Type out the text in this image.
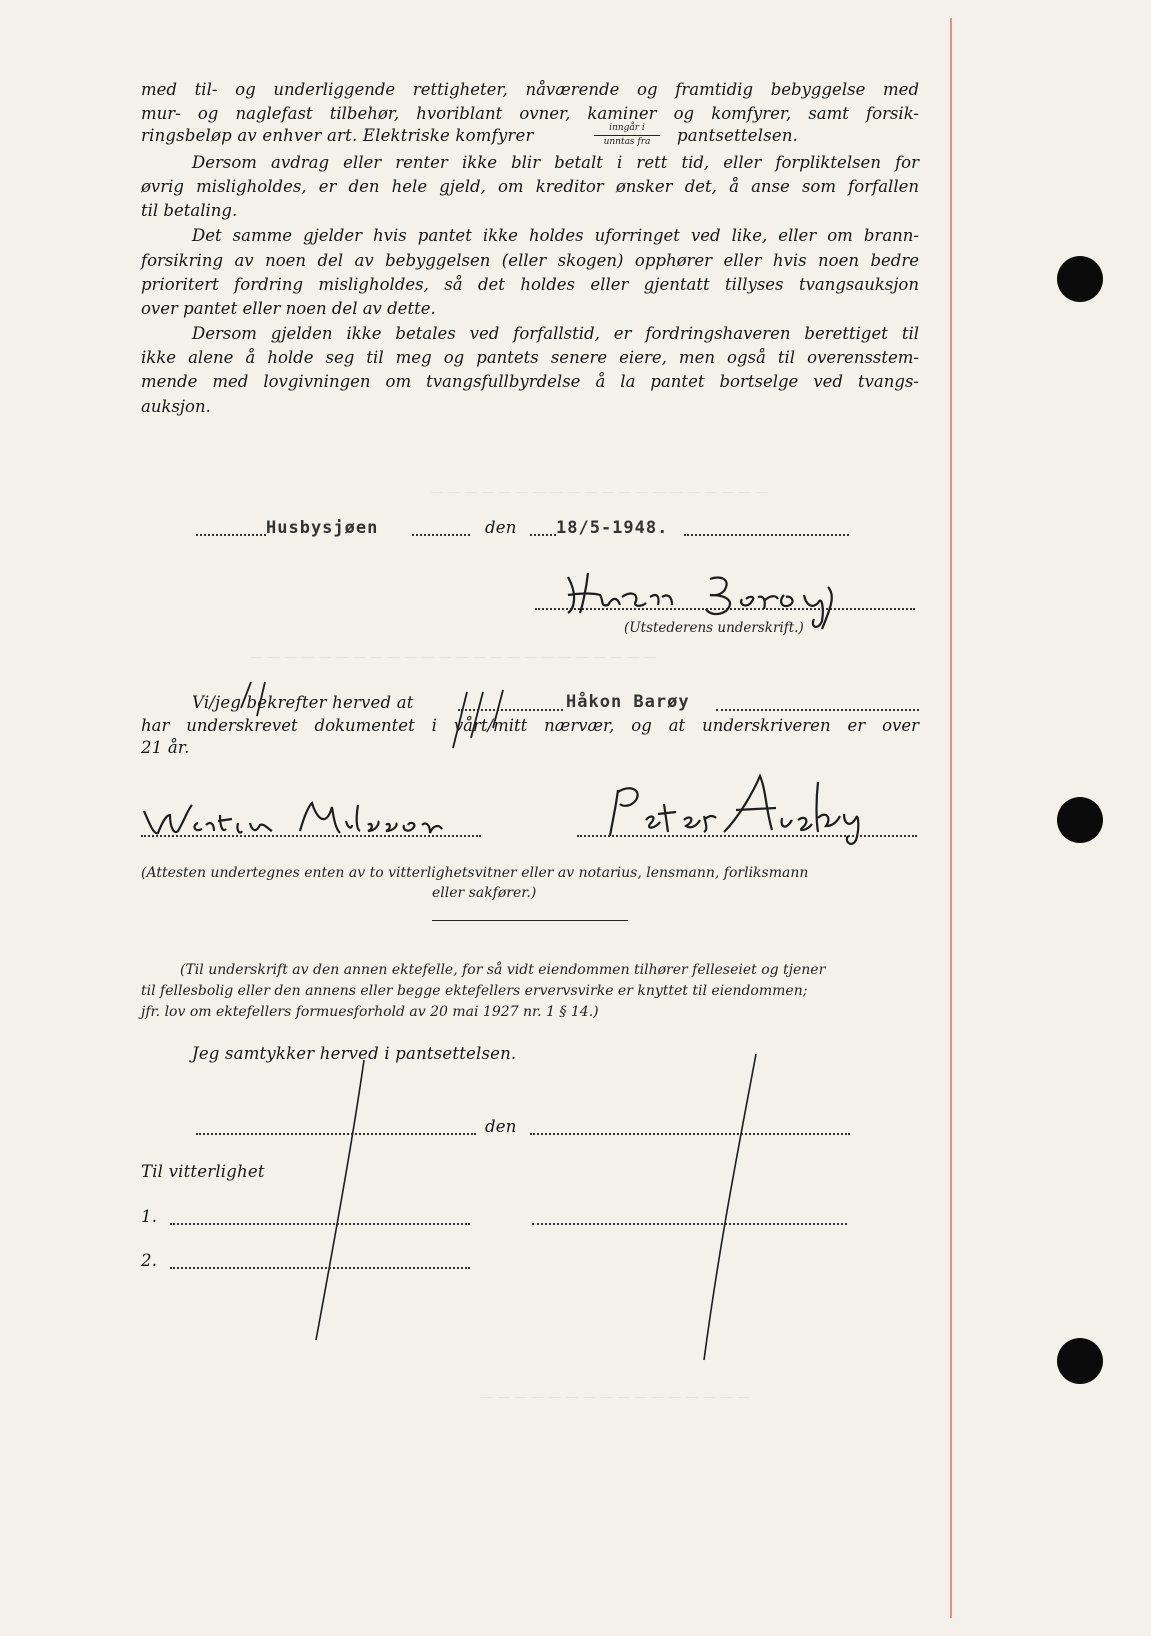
med til- og underliggende rettigheter, nåværende og framtidig bebyggelse med
mur- og naglefast tilbehør, hvoriblant ovner, kaminer og komfyrer, samt forsik-
ringsbeløp av enhver art. Elektriske komfyrer	inngår i
unntas fra	pantsettelsen.
Dersom avdrag eller renter ikke blir betalt i rett tid, eller forpliktelsen for
øvrig misligholdes, er den hele gjeld, om kreditor ønsker det, å anse som forfallen
til betaling.
Det samme gjelder hvis pantet ikke holdes uforringet ved like, eller om brann-
forsikring av noen del av bebyggelsen (eller skogen) opphører eller hvis noen bedre
prioritert fordring misligholdes, så det holdes eller gjentatt tillyses tvangsauksjon
over pantet eller noen del av dette.
Dersom gjelden ikke betales ved forfallstid, er fordringshaveren berettiget til
ikke alene å holde seg til meg og pantets senere eiere, men også til overensstem-
mende med lovgivningen om tvangsfullbyrdelse å la pantet bortselge ved tvangs-
auksjon.
Husbysjøen	den 18/5-1948.
(Utstederens underskrift.)
Vi/jeg bekrefter herved at	Håkon Barøy
har underskrevet dokumentet i vårt/mitt nærvær, og at underskriveren er over
21 år.
(Attesten undertegnes enten av to vitterlighetsvitner eller av notarius, lensmann, forliksmann
eller sakfører.)
(Til underskrift av den annen ektefelle, for så vidt eiendommen tilhører felleseiet og tjener
til fellesbolig eller den annens eller begge ektefellers ervervsvirke er knyttet til eiendommen;
jfr. lov om ektefellers formuesforhold av 20 mai 1927 nr. 1 § 14.)
Jeg samtykker herved i pantsettelsen.
den
Til vitterlighet
1.
2.
— — — — — — — — — — — — — — — — — — — —
— — — — — — — — — — — — — — — — — — — — — — — —
— — — — — — — — — — — — — — — —
